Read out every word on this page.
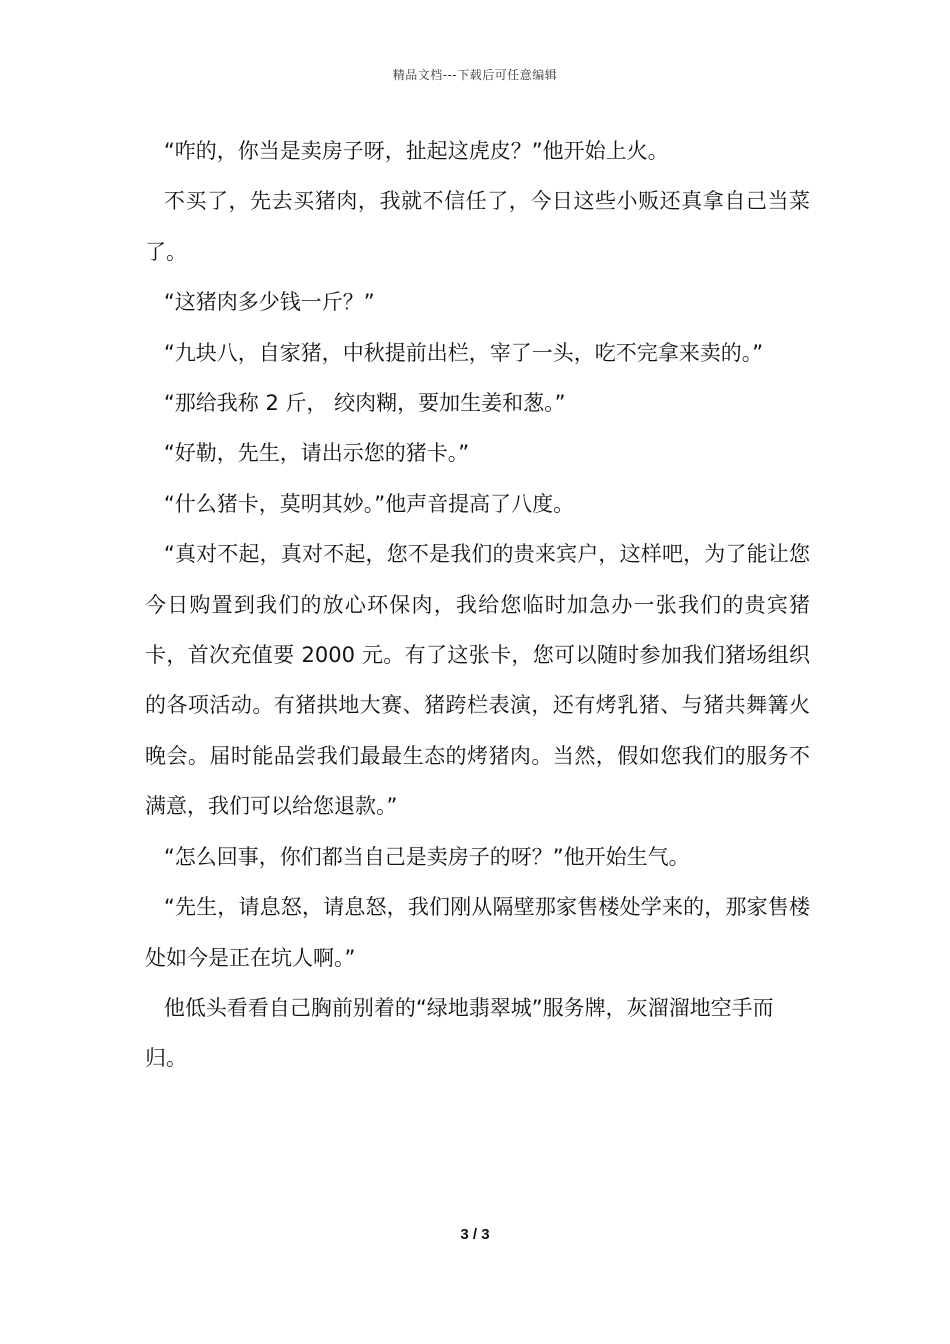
精品文档---下载后可任意编辑

“咋的，你当是卖房子呀，扯起这虎皮？”他开始上火。

不买了，先去买猪肉，我就不信任了，今日这些小贩还真拿自己当菜了。

“这猪肉多少钱一斤？”

“九块八，自家猪，中秋提前出栏，宰了一头，吃不完拿来卖的。”

“那给我称 2 斤， 绞肉糊，要加生姜和葱。”

“好勒，先生，请出示您的猪卡。”

“什么猪卡，莫明其妙。”他声音提高了八度。

“真对不起，真对不起，您不是我们的贵来宾户，这样吧，为了能让您今日购置到我们的放心环保肉，我给您临时加急办一张我们的贵宾猪卡，首次充值要 2000 元。有了这张卡，您可以随时参加我们猪场组织的各项活动。有猪拱地大赛、猪跨栏表演，还有烤乳猪、与猪共舞篝火晚会。届时能品尝我们最最生态的烤猪肉。当然，假如您我们的服务不满意，我们可以给您退款。”

“怎么回事，你们都当自己是卖房子的呀？”他开始生气。

“先生，请息怒，请息怒，我们刚从隔壁那家售楼处学来的，那家售楼处如今是正在坑人啊。”

他低头看看自己胸前别着的“绿地翡翠城”服务牌，灰溜溜地空手而归。

3 / 3
